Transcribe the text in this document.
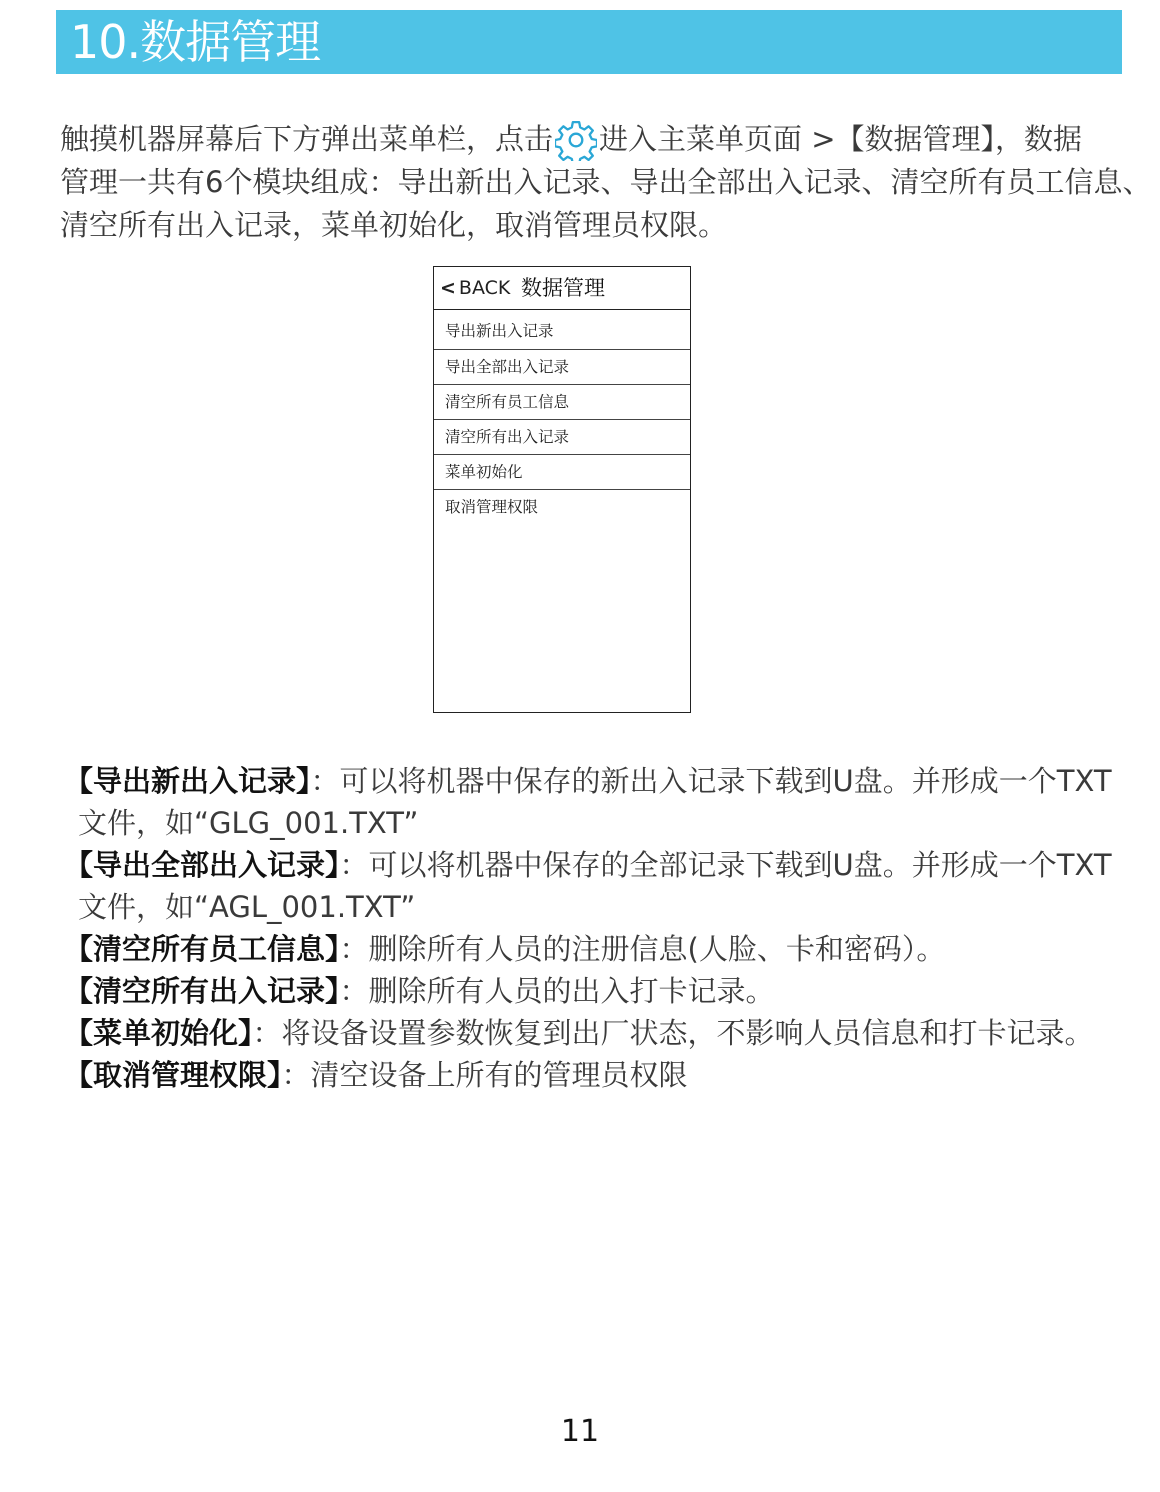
10.数据管理
触摸机器屏幕后下方弹出菜单栏，点击 进入主菜单页面 >【数据管理】，数据
管理一共有6个模块组成：导出新出入记录、导出全部出入记录、清空所有员工信息、
清空所有出入记录，菜单初始化，取消管理员权限。
< BACK 数据管理
导出新出入记录
导出全部出入记录
清空所有员工信息
清空所有出入记录
菜单初始化
取消管理权限
【导出新出入记录】：可以将机器中保存的新出入记录下载到U盘。并形成一个TXT
文件，如“GLG_001.TXT”
【导出全部出入记录】：可以将机器中保存的全部记录下载到U盘。并形成一个TXT
文件，如“AGL_001.TXT”
【清空所有员工信息】：删除所有人员的注册信息(人脸、卡和密码）。
【清空所有出入记录】：删除所有人员的出入打卡记录。
【菜单初始化】：将设备设置参数恢复到出厂状态，不影响人员信息和打卡记录。
【取消管理权限】：清空设备上所有的管理员权限
11
